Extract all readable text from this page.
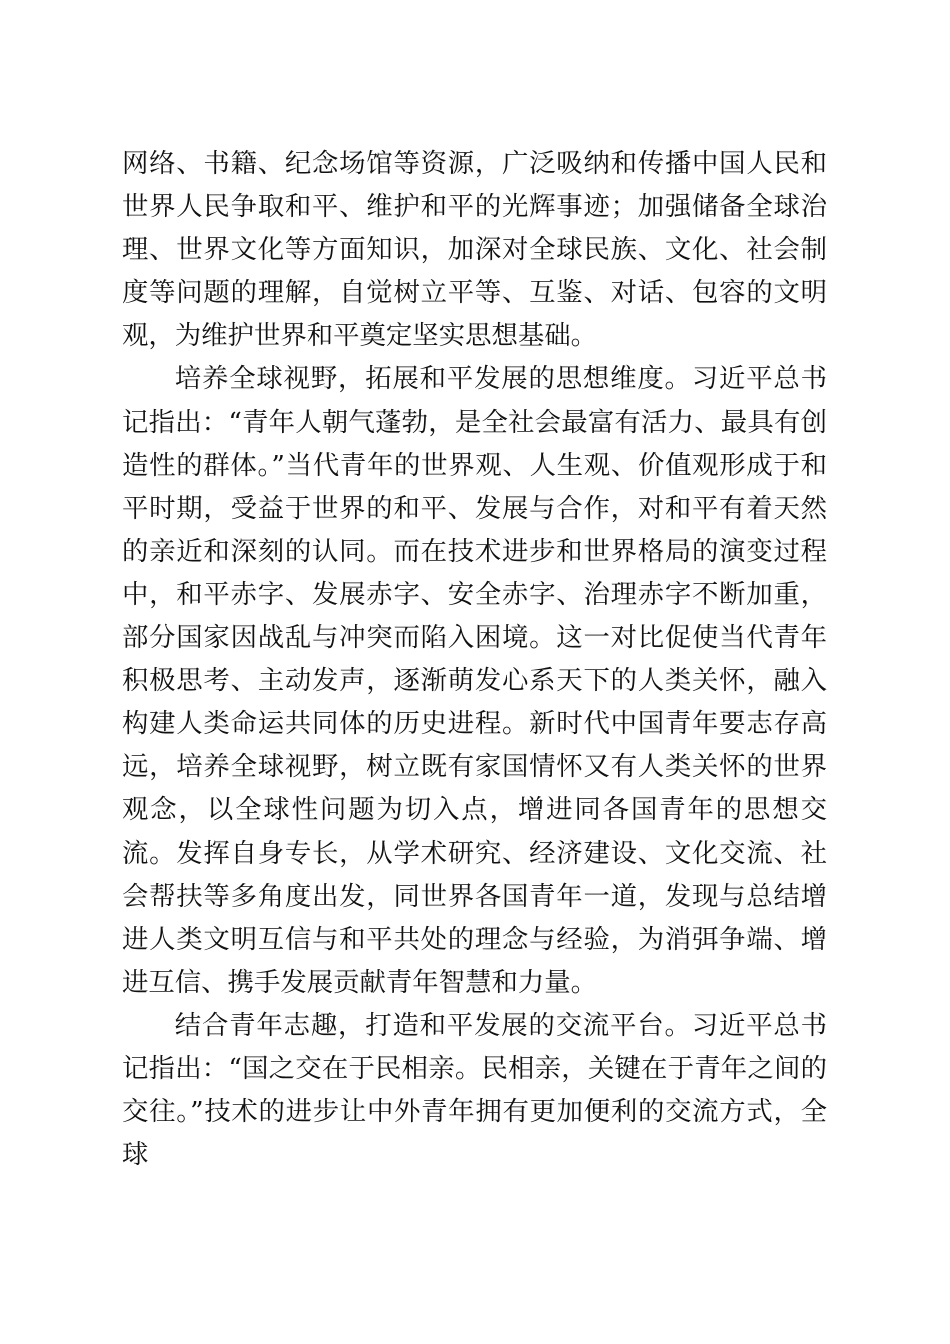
网络、书籍、纪念场馆等资源，广泛吸纳和传播中国人民和世界人民争取和平、维护和平的光辉事迹；加强储备全球治理、世界文化等方面知识，加深对全球民族、文化、社会制度等问题的理解，自觉树立平等、互鉴、对话、包容的文明观，为维护世界和平奠定坚实思想基础。

培养全球视野，拓展和平发展的思想维度。习近平总书记指出：“青年人朝气蓬勃，是全社会最富有活力、最具有创造性的群体。”当代青年的世界观、人生观、价值观形成于和平时期，受益于世界的和平、发展与合作，对和平有着天然的亲近和深刻的认同。而在技术进步和世界格局的演变过程中，和平赤字、发展赤字、安全赤字、治理赤字不断加重，部分国家因战乱与冲突而陷入困境。这一对比促使当代青年积极思考、主动发声，逐渐萌发心系天下的人类关怀，融入构建人类命运共同体的历史进程。新时代中国青年要志存高远，培养全球视野，树立既有家国情怀又有人类关怀的世界观念，以全球性问题为切入点，增进同各国青年的思想交流。发挥自身专长，从学术研究、经济建设、文化交流、社会帮扶等多角度出发，同世界各国青年一道，发现与总结增进人类文明互信与和平共处的理念与经验，为消弭争端、增进互信、携手发展贡献青年智慧和力量。

结合青年志趣，打造和平发展的交流平台。习近平总书记指出：“国之交在于民相亲。民相亲，关键在于青年之间的交往。”技术的进步让中外青年拥有更加便利的交流方式，全球
